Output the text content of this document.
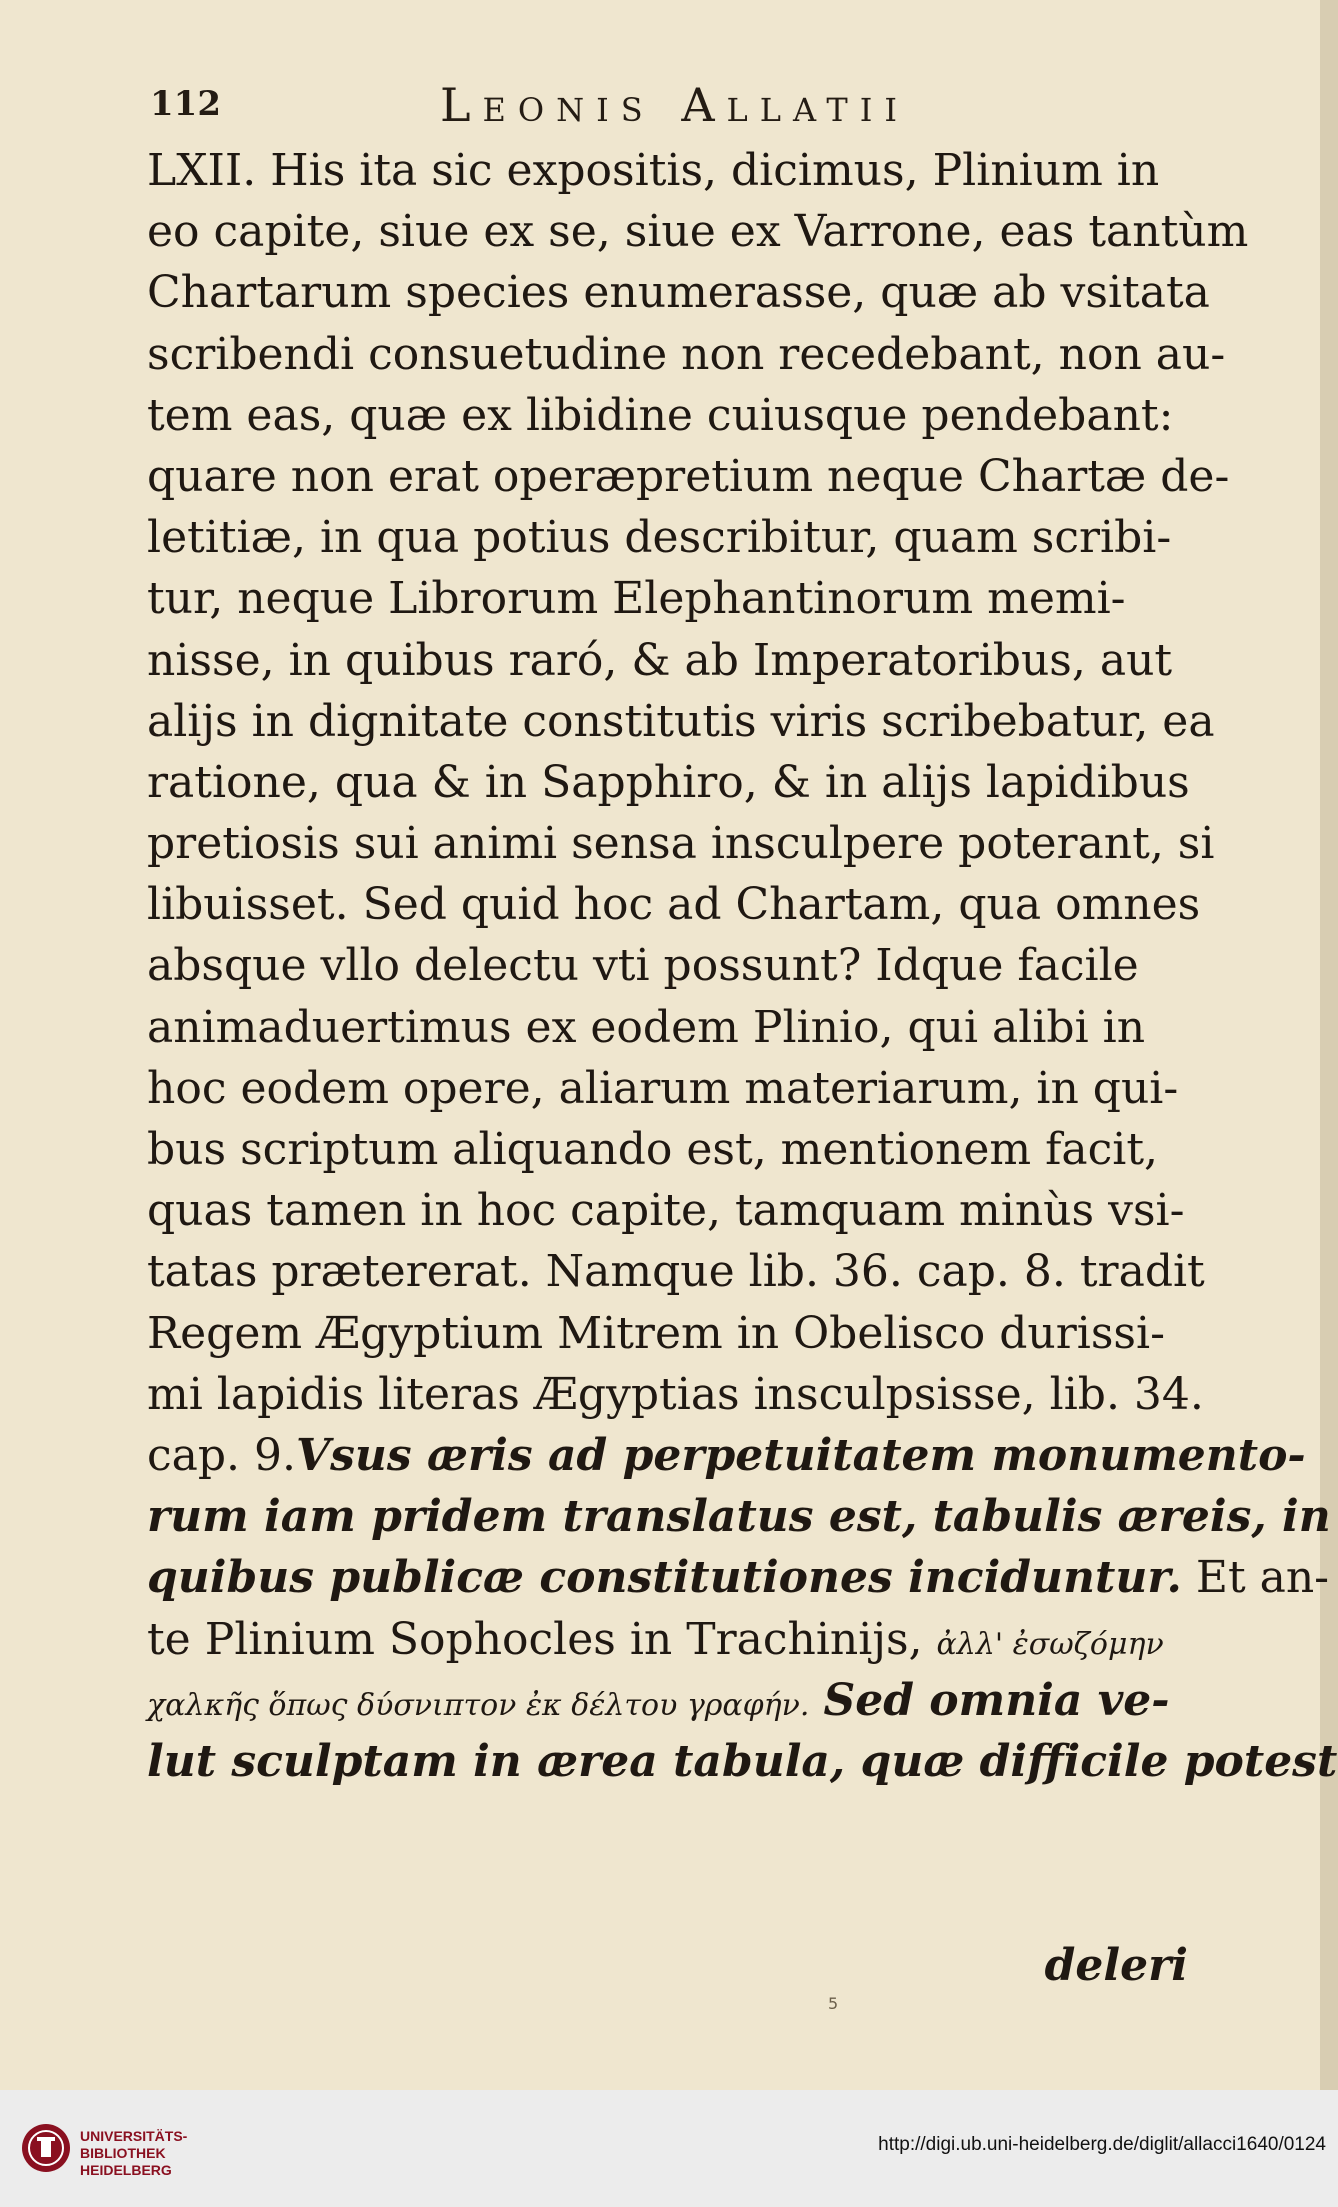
112	Leonis Allatii
LXII. His ita sic expositis, dicimus, Plinium in
eo capite, siue ex se, siue ex Varrone, eas tantùm
Chartarum species enumerasse, quæ ab vsitata
scribendi consuetudine non recedebant, non au-
tem eas, quæ ex libidine cuiusque pendebant:
quare non erat operæpretium neque Chartæ de-
letitiæ, in qua potius describitur, quam scribi-
tur, neque Librorum Elephantinorum memi-
nisse, in quibus raró, & ab Imperatoribus, aut
alijs in dignitate constitutis viris scribebatur, ea
ratione, qua & in Sapphiro, & in alijs lapidibus
pretiosis sui animi sensa insculpere poterant, si
libuisset. Sed quid hoc ad Chartam, qua omnes
absque vllo delectu vti possunt? Idque facile
animaduertimus ex eodem Plinio, qui alibi in
hoc eodem opere, aliarum materiarum, in qui-
bus scriptum aliquando est, mentionem facit,
quas tamen in hoc capite, tamquam minùs vsi-
tatas prætererat. Namque lib. 36. cap. 8. tradit
Regem Ægyptium Mitrem in Obelisco durissi-
mi lapidis literas Ægyptias insculpsisse, lib. 34.
cap. 9.Vsus æris ad perpetuitatem monumento-
rum iam pridem translatus est, tabulis æreis, in
quibus publicæ constitutiones inciduntur. Et an-
te Plinium Sophocles in Trachinijs, ἀλλ' ἐσωζόμην
χαλκῆς ὅπως δύσνιπτον ἐκ δέλτου γραφήν. Sed omnia ve-
lut sculptam in ærea tabula, quæ difficile potest
deleri
5
UNIVERSITÄTS-
BIBLIOTHEK
HEIDELBERG
http://digi.ub.uni-heidelberg.de/diglit/allacci1640/0124
